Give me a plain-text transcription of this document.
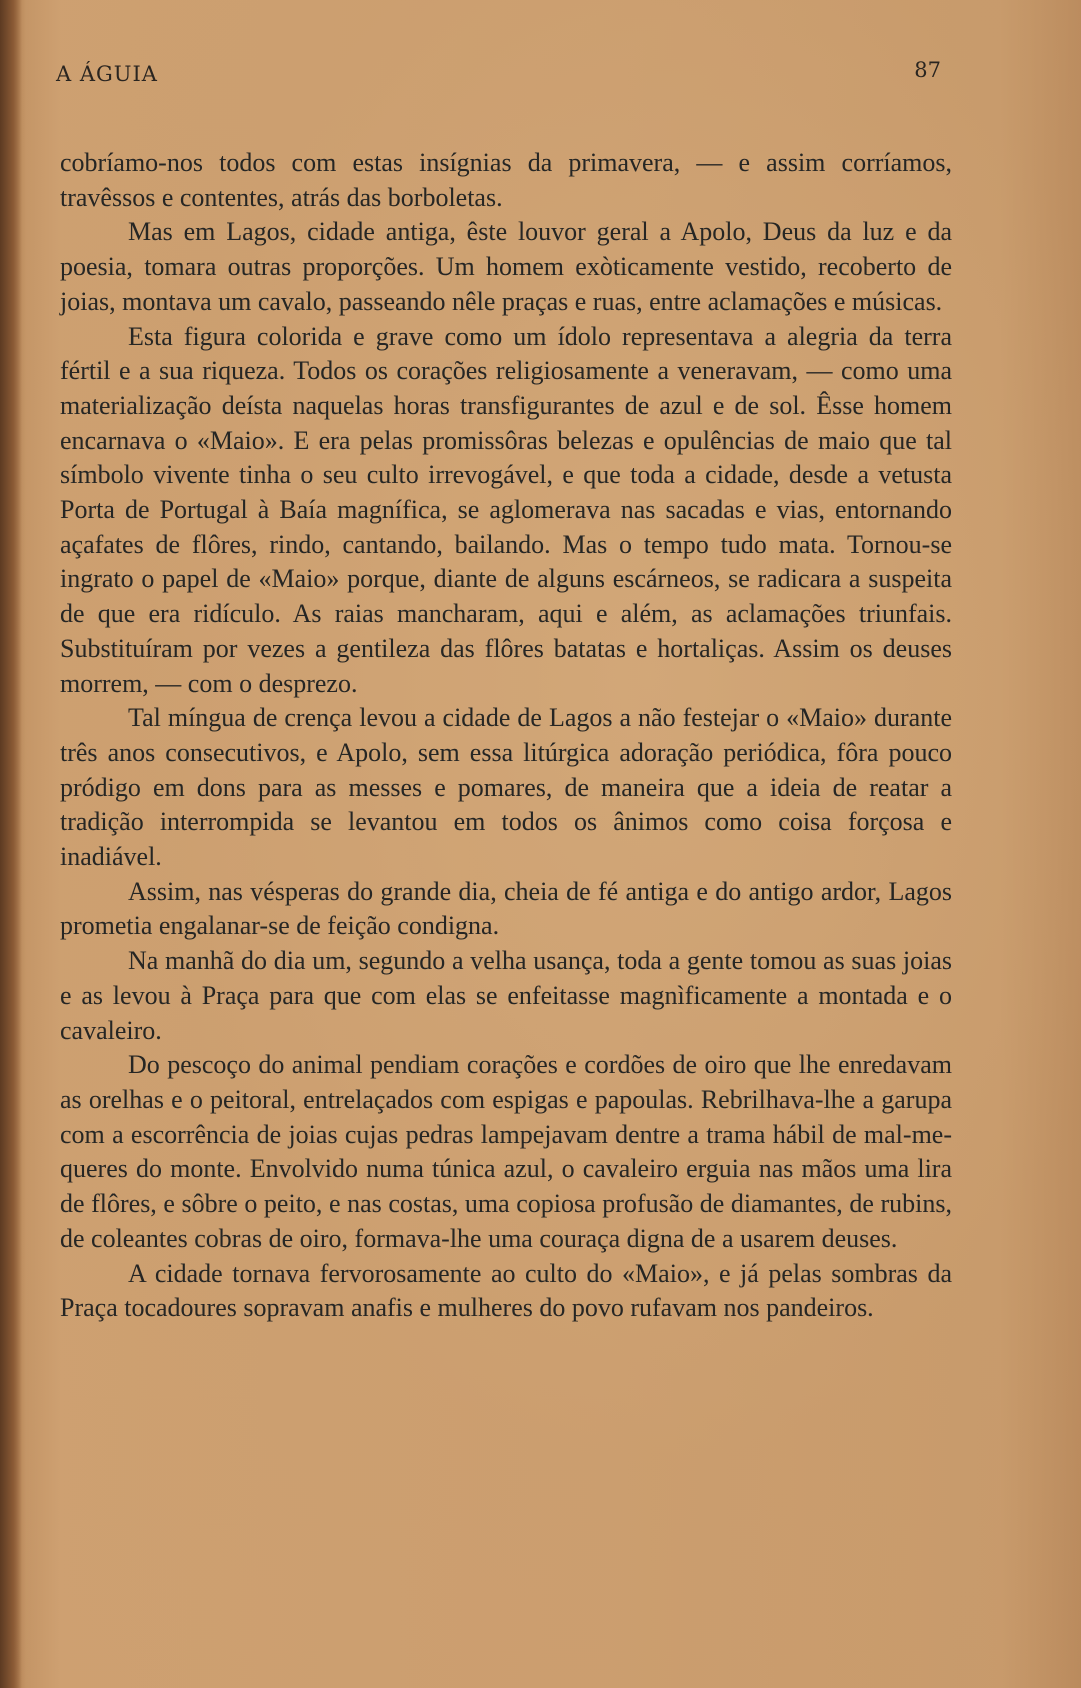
A ÁGUIA	87

cobríamo-nos todos com estas insígnias da primavera, — e assim corríamos, travêssos e contentes, atrás das borboletas.

Mas em Lagos, cidade antiga, êste louvor geral a Apolo, Deus da luz e da poesia, tomara outras proporções. Um homem exòticamente vestido, recoberto de joias, montava um cavalo, passeando nêle praças e ruas, entre aclamações e músicas.

Esta figura colorida e grave como um ídolo representava a alegria da terra fértil e a sua riqueza. Todos os corações religiosamente a veneravam, — como uma materialização deísta naquelas horas transfigurantes de azul e de sol. Êsse homem encarnava o «Maio». E era pelas promissôras belezas e opulências de maio que tal símbolo vivente tinha o seu culto irrevogável, e que toda a cidade, desde a vetusta Porta de Portugal à Baía magnífica, se aglomerava nas sacadas e vias, entornando açafates de flôres, rindo, cantando, bailando. Mas o tempo tudo mata. Tornou-se ingrato o papel de «Maio» porque, diante de alguns escárneos, se radicara a suspeita de que era ridículo. As raias mancharam, aqui e além, as aclamações triunfais. Substituíram por vezes a gentileza das flôres batatas e hortaliças. Assim os deuses morrem, — com o desprezo.

Tal míngua de crença levou a cidade de Lagos a não festejar o «Maio» durante três anos consecutivos, e Apolo, sem essa litúrgica adoração periódica, fôra pouco pródigo em dons para as messes e pomares, de maneira que a ideia de reatar a tradição interrompida se levantou em todos os ânimos como coisa forçosa e inadiável.

Assim, nas vésperas do grande dia, cheia de fé antiga e do antigo ardor, Lagos prometia engalanar-se de feição condigna.

Na manhã do dia um, segundo a velha usança, toda a gente tomou as suas joias e as levou à Praça para que com elas se enfeitasse magnìficamente a montada e o cavaleiro.

Do pescoço do animal pendiam corações e cordões de oiro que lhe enredavam as orelhas e o peitoral, entrelaçados com espigas e papoulas. Rebrilhava-lhe a garupa com a escorrência de joias cujas pedras lampejavam dentre a trama hábil de mal-me-queres do monte. Envolvido numa túnica azul, o cavaleiro erguia nas mãos uma lira de flôres, e sôbre o peito, e nas costas, uma copiosa profusão de diamantes, de rubins, de coleantes cobras de oiro, formava-lhe uma couraça digna de a usarem deuses.

A cidade tornava fervorosamente ao culto do «Maio», e já pelas sombras da Praça tocadoures sopravam anafis e mulheres do povo rufavam nos pandeiros.
